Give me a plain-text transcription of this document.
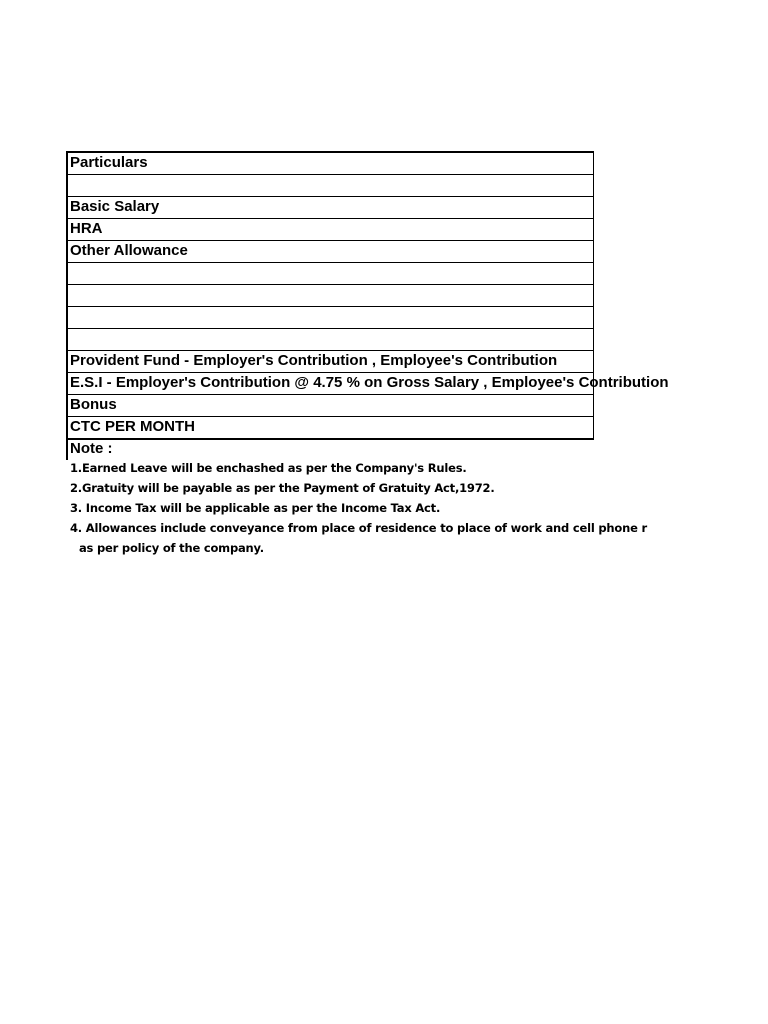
Particulars
Basic Salary
HRA
Other Allowance
Provident Fund - Employer's Contribution , Employee's Contribution
E.S.I - Employer's Contribution @ 4.75 % on Gross Salary , Employee's Contribution
Bonus
CTC PER MONTH
Note :
1.Earned Leave will be enchashed as per the Company's Rules.
2.Gratuity will be payable as per the Payment of Gratuity Act,1972.
3. Income Tax will be applicable as per the Income Tax Act.
4. Allowances include conveyance from place of residence to place of work and cell phone r
as per policy of the company.
